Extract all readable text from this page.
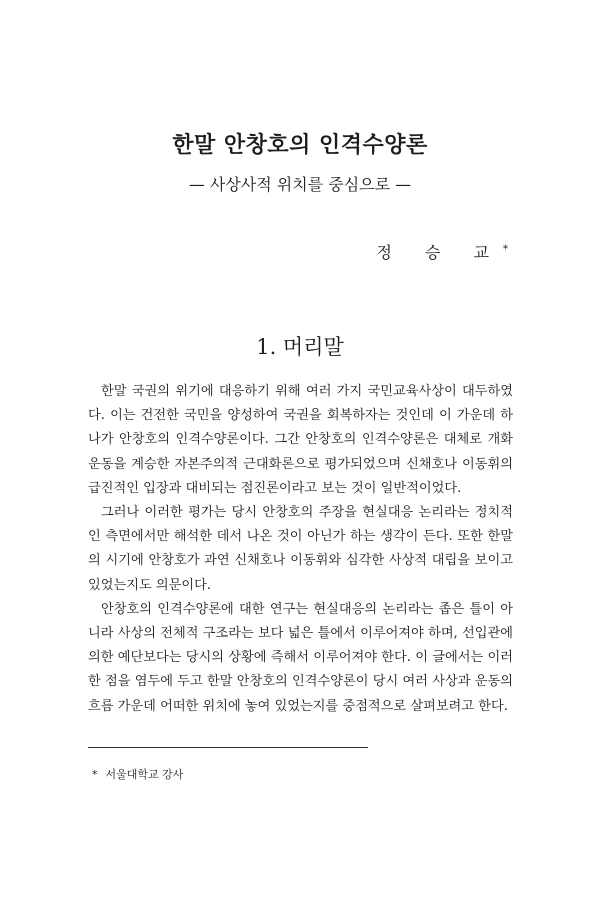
한말 안창호의 인격수양론

— 사상사적 위치를 중심으로 —

정 승 교*

1. 머리말

한말 국권의 위기에 대응하기 위해 여러 가지 국민교육사상이 대두하였다. 이는 건전한 국민을 양성하여 국권을 회복하자는 것인데 이 가운데 하나가 안창호의 인격수양론이다. 그간 안창호의 인격수양론은 대체로 개화운동을 계승한 자본주의적 근대화론으로 평가되었으며 신채호나 이동휘의 급진적인 입장과 대비되는 점진론이라고 보는 것이 일반적이었다.

그러나 이러한 평가는 당시 안창호의 주장을 현실대응 논리라는 정치적인 측면에서만 해석한 데서 나온 것이 아닌가 하는 생각이 든다. 또한 한말의 시기에 안창호가 과연 신채호나 이동휘와 심각한 사상적 대립을 보이고 있었는지도 의문이다.

안창호의 인격수양론에 대한 연구는 현실대응의 논리라는 좁은 틀이 아니라 사상의 전체적 구조라는 보다 넓은 틀에서 이루어져야 하며, 선입관에 의한 예단보다는 당시의 상황에 즉해서 이루어져야 한다. 이 글에서는 이러한 점을 염두에 두고 한말 안창호의 인격수양론이 당시 여러 사상과 운동의 흐름 가운데 어떠한 위치에 놓여 있었는지를 중점적으로 살펴보려고 한다.

* 서울대학교 강사
